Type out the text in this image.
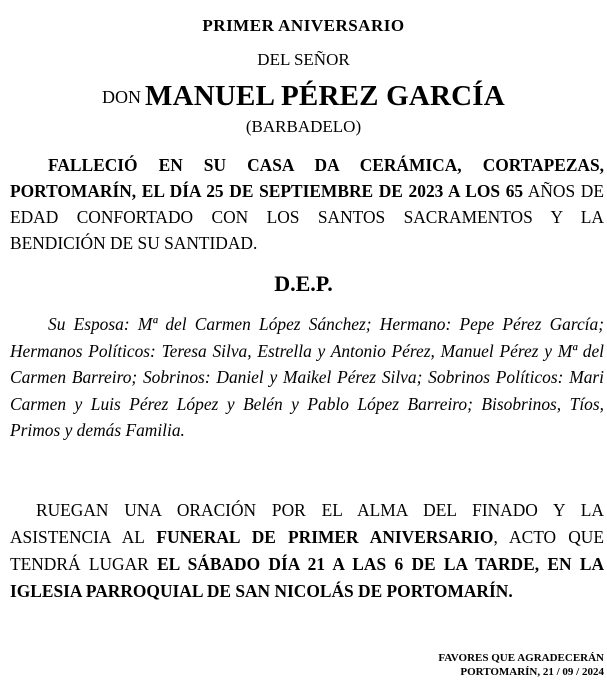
PRIMER ANIVERSARIO
DEL SEÑOR
DON MANUEL PÉREZ GARCÍA
(BARBADELO)
FALLECIÓ EN SU CASA DA CERÁMICA, CORTAPEZAS, PORTOMARÍN, EL DÍA 25 DE SEPTIEMBRE DE 2023 A LOS 65 AÑOS DE EDAD CONFORTADO CON LOS SANTOS SACRAMENTOS Y LA BENDICIÓN DE SU SANTIDAD.
D.E.P.
Su Esposa: Mª del Carmen López Sánchez; Hermano: Pepe Pérez García; Hermanos Políticos: Teresa Silva, Estrella y Antonio Pérez, Manuel Pérez y Mª del Carmen Barreiro; Sobrinos: Daniel y Maikel Pérez Silva; Sobrinos Políticos: Mari Carmen y Luis Pérez López y Belén y Pablo López Barreiro; Bisobrinos, Tíos, Primos y demás Familia.
RUEGAN UNA ORACIÓN POR EL ALMA DEL FINADO Y LA ASISTENCIA AL FUNERAL DE PRIMER ANIVERSARIO, ACTO QUE TENDRÁ LUGAR EL SÁBADO DÍA 21 A LAS 6 DE LA TARDE, EN LA IGLESIA PARROQUIAL DE SAN NICOLÁS DE PORTOMARÍN.
FAVORES QUE AGRADECERÁN
PORTOMARÍN, 21 / 09 / 2024
